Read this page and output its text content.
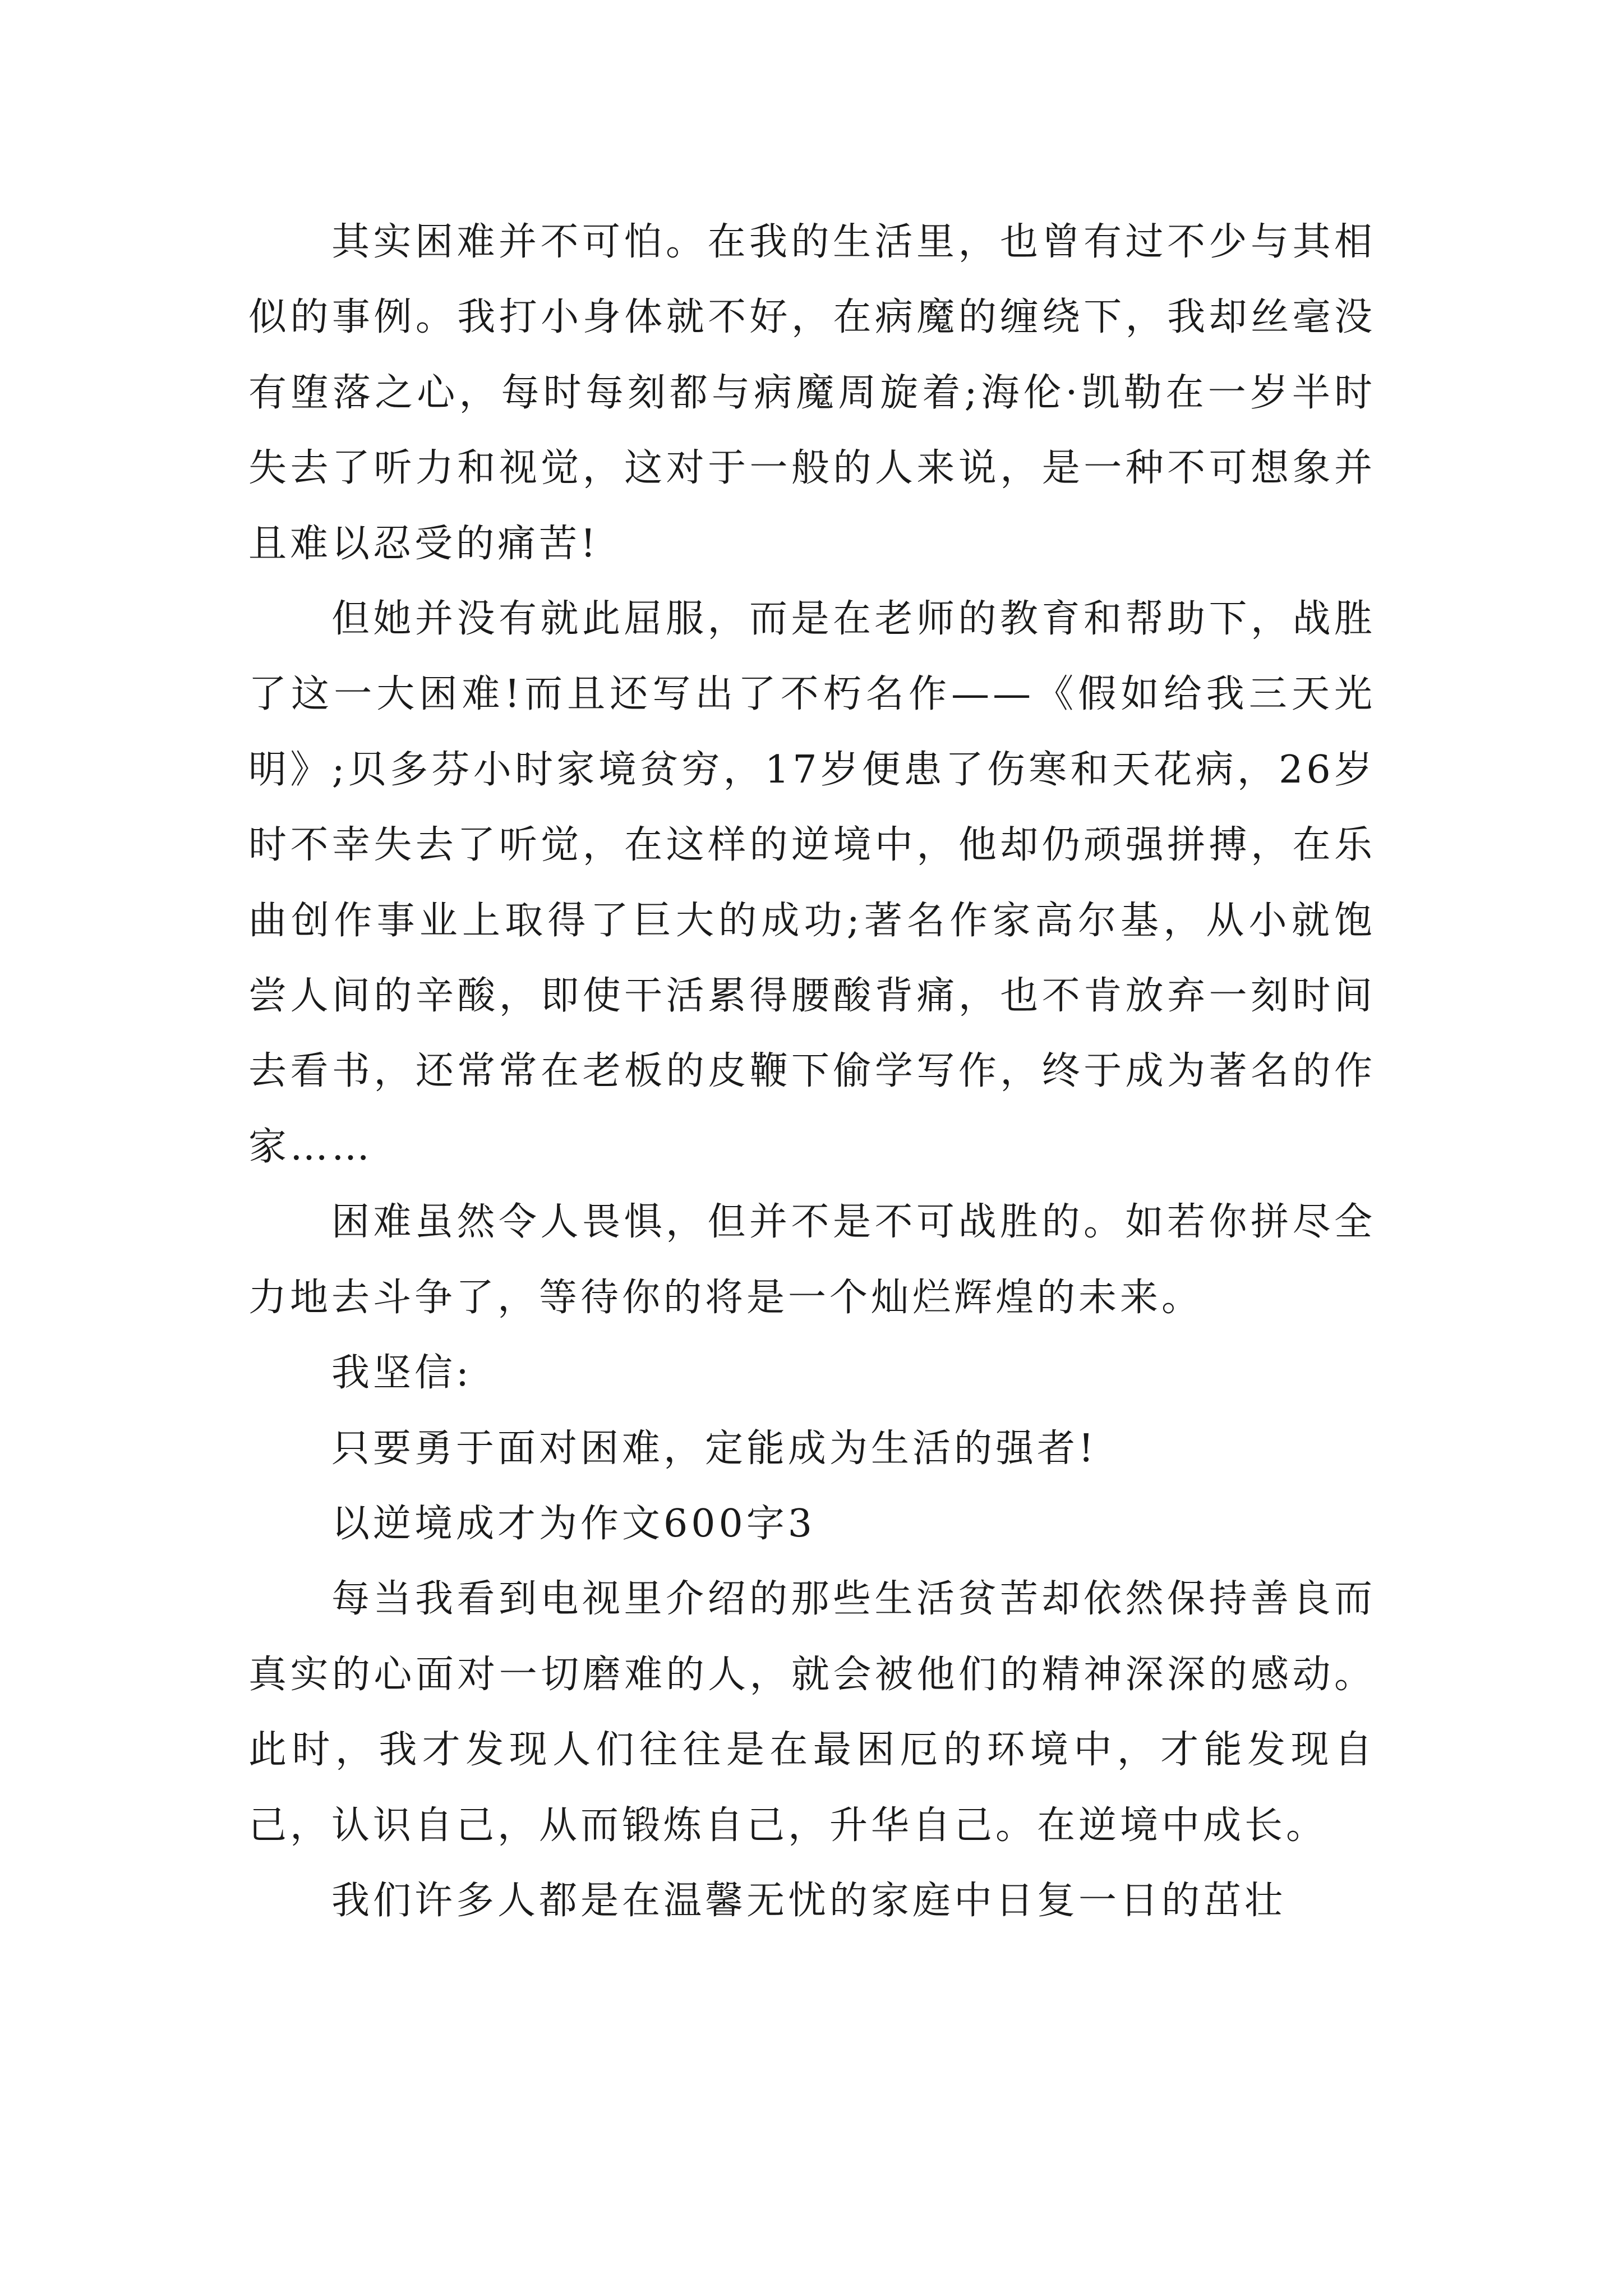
其实困难并不可怕。在我的生活里，也曾有过不少与其相似的事例。我打小身体就不好，在病魔的缠绕下，我却丝毫没有堕落之心，每时每刻都与病魔周旋着;海伦·凯勒在一岁半时失去了听力和视觉，这对于一般的人来说，是一种不可想象并且难以忍受的痛苦!

但她并没有就此屈服，而是在老师的教育和帮助下，战胜了这一大困难!而且还写出了不朽名作——《假如给我三天光明》;贝多芬小时家境贫穷，17岁便患了伤寒和天花病，26岁时不幸失去了听觉，在这样的逆境中，他却仍顽强拼搏，在乐曲创作事业上取得了巨大的成功;著名作家高尔基，从小就饱尝人间的辛酸，即使干活累得腰酸背痛，也不肯放弃一刻时间去看书，还常常在老板的皮鞭下偷学写作，终于成为著名的作家……

困难虽然令人畏惧，但并不是不可战胜的。如若你拼尽全力地去斗争了，等待你的将是一个灿烂辉煌的未来。

我坚信:

只要勇于面对困难，定能成为生活的强者!

以逆境成才为作文600字3

每当我看到电视里介绍的那些生活贫苦却依然保持善良而真实的心面对一切磨难的人，就会被他们的精神深深的感动。此时，我才发现人们往往是在最困厄的环境中，才能发现自己，认识自己，从而锻炼自己，升华自己。在逆境中成长。

我们许多人都是在温馨无忧的家庭中日复一日的茁壮
